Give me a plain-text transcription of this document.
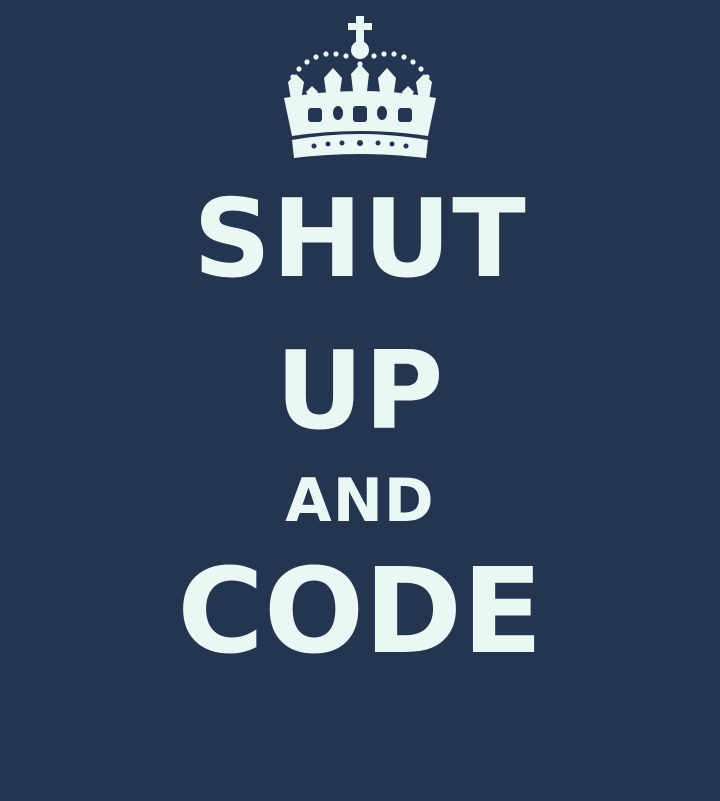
SHUT
UP
AND
CODE
